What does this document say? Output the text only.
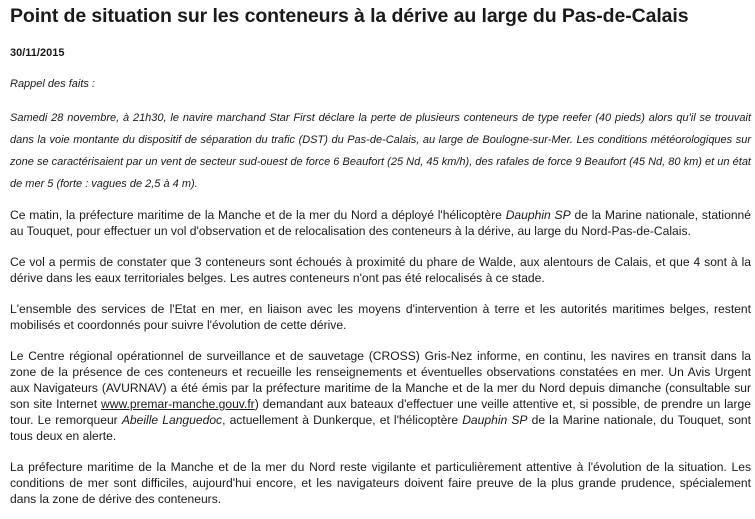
Point de situation sur les conteneurs à la dérive au large du Pas-de-Calais
30/11/2015
Rappel des faits :
Samedi 28 novembre, à 21h30, le navire marchand Star First déclare la perte de plusieurs conteneurs de type reefer (40 pieds) alors qu'il se trouvait dans la voie montante du dispositif de séparation du trafic (DST) du Pas-de-Calais, au large de Boulogne-sur-Mer. Les conditions météorologiques sur zone se caractérisaient par un vent de secteur sud-ouest de force 6 Beaufort (25 Nd, 45 km/h), des rafales de force 9 Beaufort (45 Nd, 80 km) et un état de mer 5 (forte : vagues de 2,5 à 4 m).

Ce matin, la préfecture maritime de la Manche et de la mer du Nord a déployé l'hélicoptère Dauphin SP de la Marine nationale, stationné au Touquet, pour effectuer un vol d'observation et de relocalisation des conteneurs à la dérive, au large du Nord-Pas-de-Calais.

Ce vol a permis de constater que 3 conteneurs sont échoués à proximité du phare de Walde, aux alentours de Calais, et que 4 sont à la dérive dans les eaux territoriales belges. Les autres conteneurs n'ont pas été relocalisés à ce stade.

L'ensemble des services de l'Etat en mer, en liaison avec les moyens d'intervention à terre et les autorités maritimes belges, restent mobilisés et coordonnés pour suivre l'évolution de cette dérive.

Le Centre régional opérationnel de surveillance et de sauvetage (CROSS) Gris-Nez informe, en continu, les navires en transit dans la zone de la présence de ces conteneurs et recueille les renseignements et éventuelles observations constatées en mer. Un Avis Urgent aux Navigateurs (AVURNAV) a été émis par la préfecture maritime de la Manche et de la mer du Nord depuis dimanche (consultable sur son site Internet www.premar-manche.gouv.fr) demandant aux bateaux d'effectuer une veille attentive et, si possible, de prendre un large tour. Le remorqueur Abeille Languedoc, actuellement à Dunkerque, et l'hélicoptère Dauphin SP de la Marine nationale, du Touquet, sont tous deux en alerte.

La préfecture maritime de la Manche et de la mer du Nord reste vigilante et particulièrement attentive à l'évolution de la situation. Les conditions de mer sont difficiles, aujourd'hui encore, et les navigateurs doivent faire preuve de la plus grande prudence, spécialement dans la zone de dérive des conteneurs.
